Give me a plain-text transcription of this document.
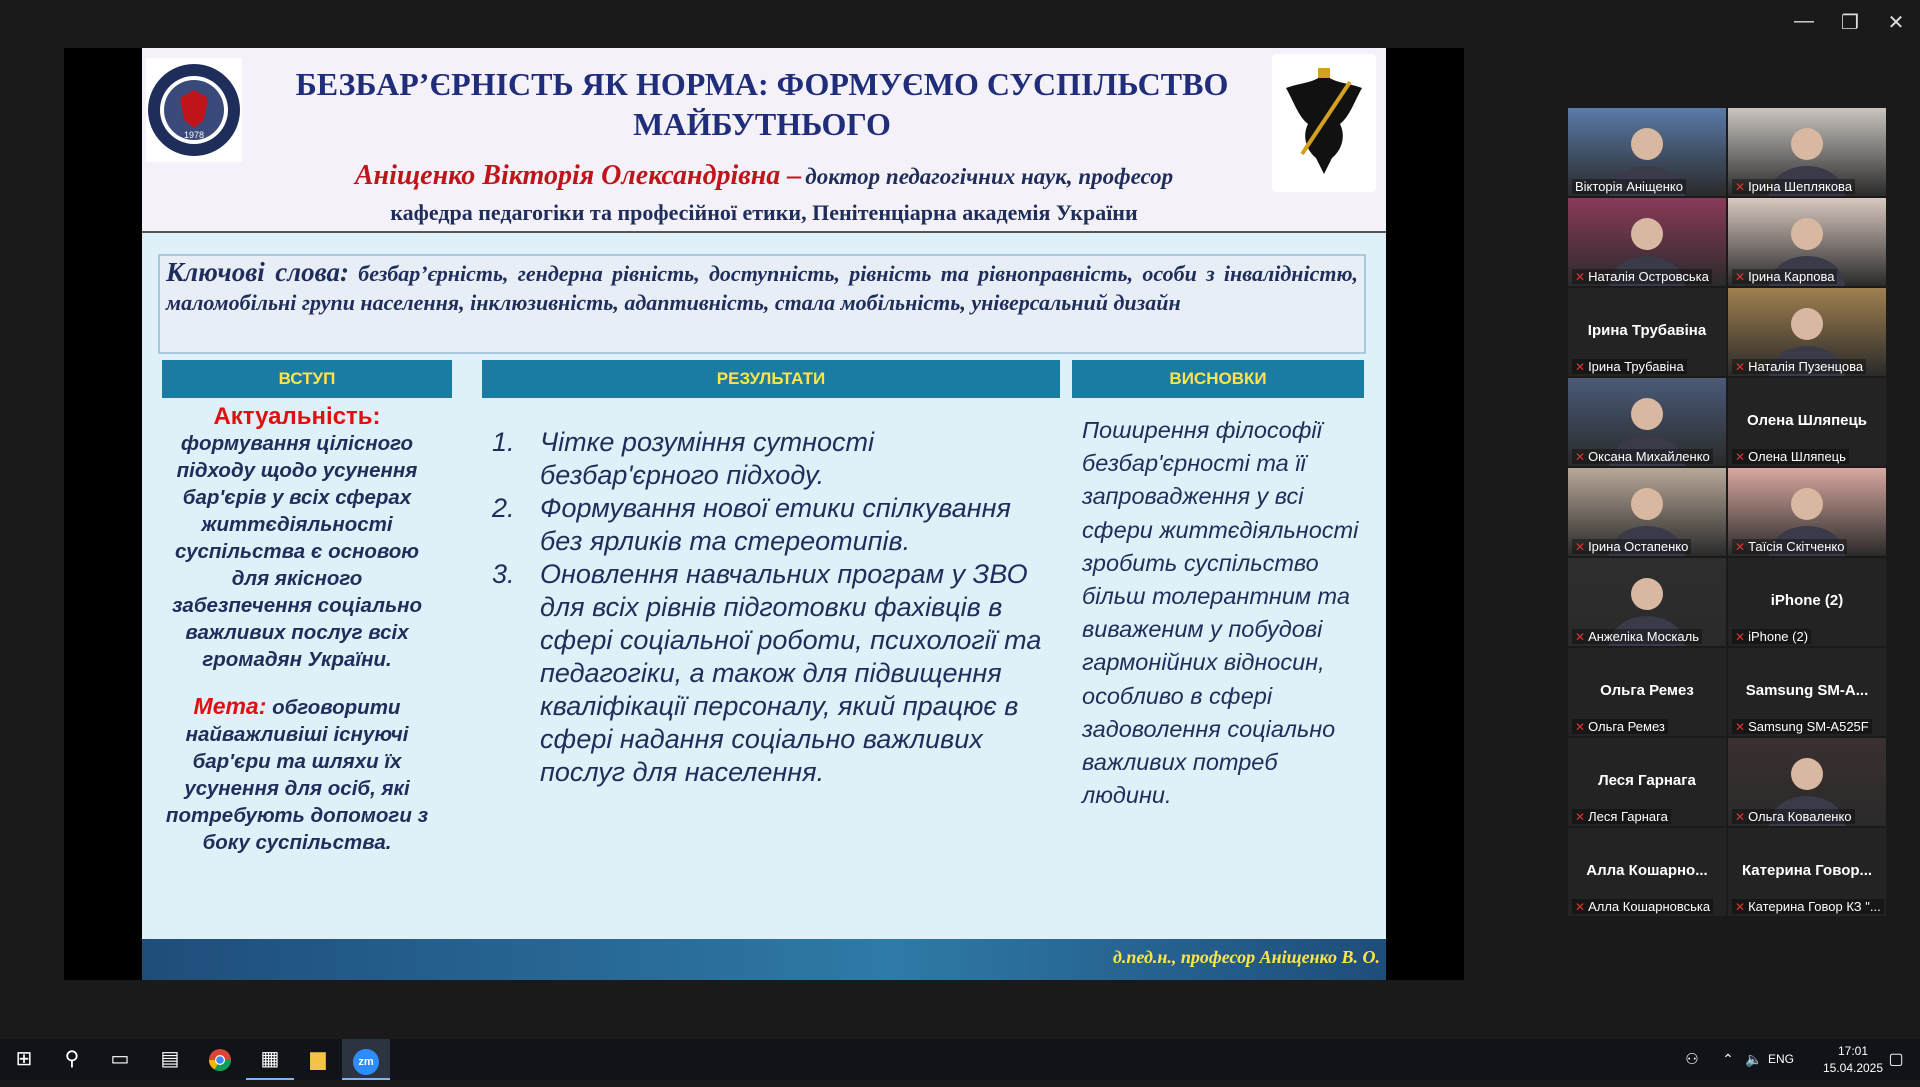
—	❐	✕
1978
БЕЗБАР’ЄРНІСТЬ ЯК НОРМА: ФОРМУЄМО СУСПІЛЬСТВО
МАЙБУТНЬОГО
Аніщенко Вікторія Олександрівна – доктор педагогічних наук, професор
кафедра педагогіки та професійної етики, Пенітенціарна академія України
Ключові слова: безбар’єрність, гендерна рівність, доступність, рівність та рівноправність, особи з інвалідністю, маломобільні групи населення, інклюзивність, адаптивність, стала мобільність, універсальний дизайн
ВСТУП	РЕЗУЛЬТАТИ	ВИСНОВКИ
Актуальність:
формування цілісного підходу щодо усунення бар'єрів у всіх сферах життєдіяльності суспільства є основою для якісного забезпечення соціально важливих послуг всіх громадян України.
Мета: обговорити найважливіші існуючі бар'єри та шляхи їх усунення для осіб, які потребують допомоги з боку суспільства.
1. Чітке розуміння сутності безбар'єрного підходу.
2. Формування нової етики спілкування без ярликів та стереотипів.
3. Оновлення навчальних програм у ЗВО для всіх рівнів підготовки фахівців в сфері соціальної роботи, психології та педагогіки, а також для підвищення кваліфікації персоналу, який працює в сфері надання соціально важливих послуг для населення.
Поширення філософії безбар'єрності та її запровадження у всі сфери життєдіяльності зробить суспільство більш толерантним та виваженим у побудові гармонійних відносин, особливо в сфері задоволення соціально важливих потреб людини.
д.пед.н., професор Аніщенко В. О.
Вікторія Аніщенко	✕ Ірина Шеплякова
✕ Наталія Островська ✕ Ірина Карпова
Ірина Трубавіна
✕ Ірина Трубавіна	✕ Наталія Пузенцова
✕ Оксана Михайленко
Олена Шляпець
✕ Олена Шляпець
✕ Ірина Остапенко	✕ Таїсія Скітченко
✕ Анжеліка Москаль
iPhone (2)
✕ iPhone (2)
Ольга Ремез
✕ Ольга Ремез
Samsung SM-A...
✕ Samsung SM-A525F
Леся Гарнага
✕ Леся Гарнага	✕ Ольга Коваленко
Алла Кошарно...
✕ Алла Кошарновська
Катерина Говор...
✕ Катерина Говор КЗ "...
⊞	⚲	▭	▤	▦	▆	zm	⚇	⌃ 🔈 ENG
17:01
15.04.2025 ▢
